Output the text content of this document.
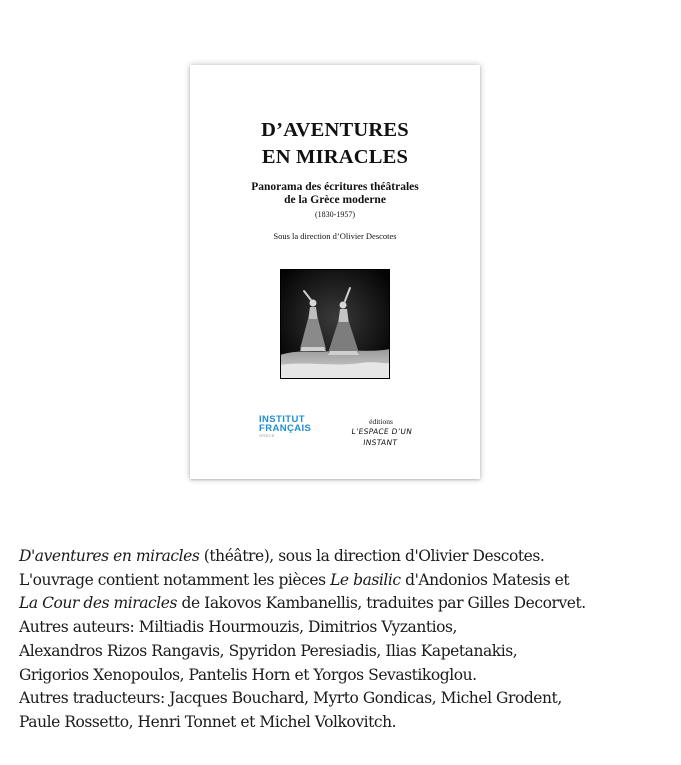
D’AVENTURES
EN MIRACLES
Panorama des écritures théâtrales
de la Grèce moderne
(1830-1957)
Sous la direction d’Olivier Descotes
INSTITUT
FRANÇAIS
GRÈCE
éditions
L’ESPACE D’UN INSTANT

D'aventures en miracles (théâtre), sous la direction d'Olivier Descotes.

L'ouvrage contient notamment les pièces Le basilic d'Andonios Matesis et

La Cour des miracles de Iakovos Kambanellis, traduites par Gilles Decorvet.

Autres auteurs: Miltiadis Hourmouzis, Dimitrios Vyzantios,

Alexandros Rizos Rangavis, Spyridon Peresiadis, Ilias Kapetanakis,

Grigorios Xenopoulos, Pantelis Horn et Yorgos Sevastikoglou.

Autres traducteurs: Jacques Bouchard, Myrto Gondicas, Michel Grodent,

Paule Rossetto, Henri Tonnet et Michel Volkovitch.
